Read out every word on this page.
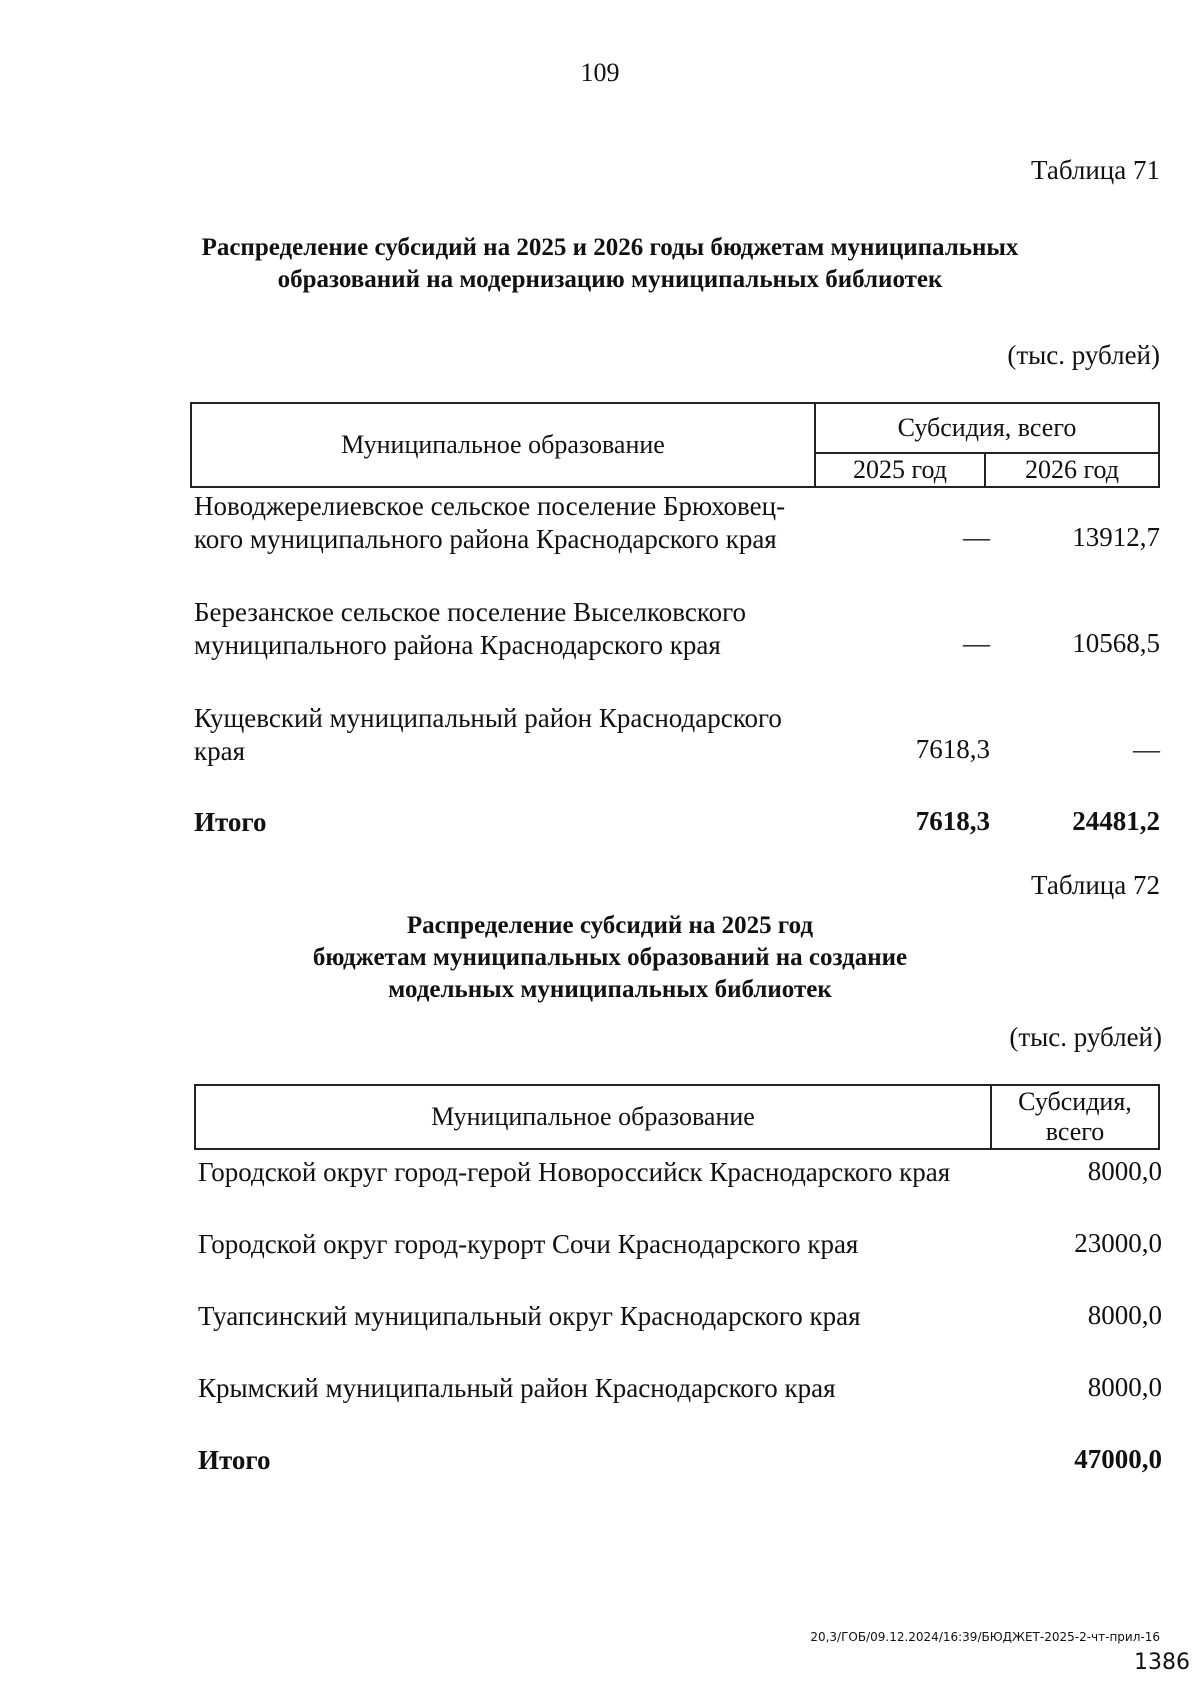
109
Таблица 71
Распределение субсидий на 2025 и 2026 годы бюджетам муниципальных
образований на модернизацию муниципальных библиотек
(тыс. рублей)
Муниципальное образование
Субсидия, всего
2025 год	2026 год
Новоджерелиевское сельское поселение Брюховец-
кого муниципального района Краснодарского края	—	13912,7
Березанское сельское поселение Выселковского
муниципального района Краснодарского края	—	10568,5
Кущевский муниципальный район Краснодарского
края	7618,3	—
Итого	7618,3	24481,2
Таблица 72
Распределение субсидий на 2025 год
бюджетам муниципальных образований на создание
модельных муниципальных библиотек
(тыс. рублей)
Муниципальное образование
Субсидия,
всего
Городской округ город-герой Новороссийск Краснодарского края	8000,0
Городской округ город-курорт Сочи Краснодарского края	23000,0
Туапсинский муниципальный округ Краснодарского края	8000,0
Крымский муниципальный район Краснодарского края	8000,0
Итого	47000,0
20,3/ГОБ/09.12.2024/16:39/БЮДЖЕТ-2025-2-чт-прил-16
1386
